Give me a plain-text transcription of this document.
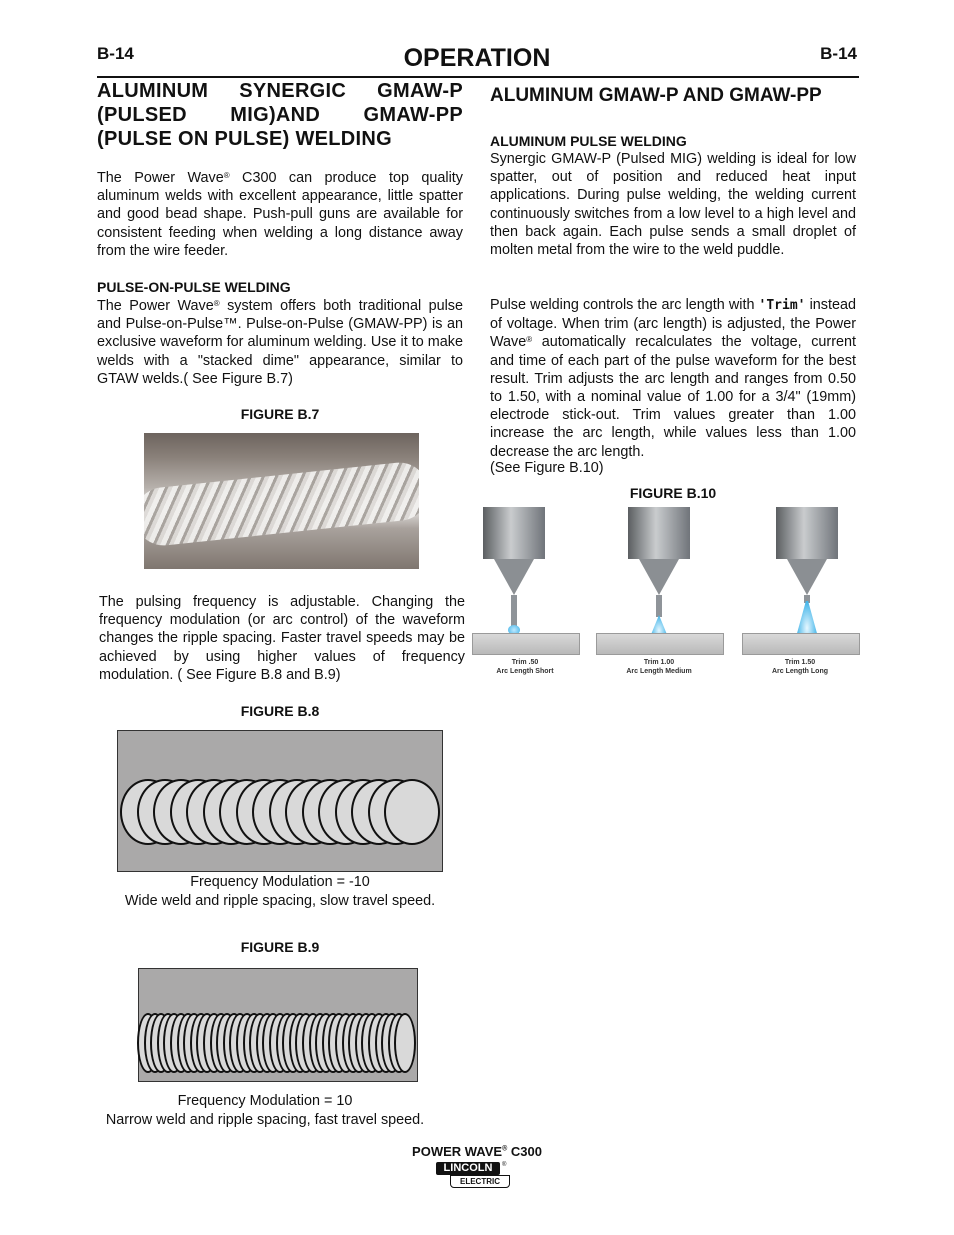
B-14	OPERATION	B-14
ALUMINUM SYNERGIC GMAW-P (PULSED MIG)AND GMAW-PP (PULSE ON PULSE) WELDING
The Power Wave® C300 can produce top quality aluminum welds with excellent appearance, little spatter and good bead shape. Push-pull guns are available for consistent feeding when welding a long distance away from the wire feeder.
PULSE-ON-PULSE WELDING
The Power Wave® system offers both traditional pulse and Pulse-on-Pulse™. Pulse-on-Pulse (GMAW-PP) is an exclusive waveform for aluminum welding. Use it to make welds with a "stacked dime" appearance, similar to GTAW welds.( See Figure B.7)
FIGURE B.7
The pulsing frequency is adjustable. Changing the frequency modulation (or arc control) of the waveform changes the ripple spacing. Faster travel speeds may be achieved by using higher values of frequency modulation. ( See Figure B.8 and B.9)
FIGURE B.8
Frequency Modulation = -10
Wide weld and ripple spacing, slow travel speed.
FIGURE B.9
Frequency Modulation = 10
Narrow weld and ripple spacing, fast travel speed.
ALUMINUM GMAW-P AND GMAW-PP
ALUMINUM PULSE WELDING
Synergic GMAW-P (Pulsed MIG) welding is ideal for low spatter, out of position and reduced heat input applications. During pulse welding, the welding current continuously switches from a low level to a high level and then back again. Each pulse sends a small droplet of molten metal from the wire to the weld puddle.
Pulse welding controls the arc length with 'Trim' instead of voltage. When trim (arc length) is adjusted, the Power Wave® automatically recalculates the voltage, current and time of each part of the pulse waveform for the best result. Trim adjusts the arc length and ranges from 0.50 to 1.50, with a nominal value of 1.00 for a 3/4" (19mm) electrode stick-out. Trim values greater than 1.00 increase the arc length, while values less than 1.00 decrease the arc length.
(See Figure B.10)
FIGURE B.10
Trim .50
Arc Length Short
Trim 1.00
Arc Length Medium
Trim 1.50
Arc Length Long
POWER WAVE® C300
LINCOLN	®
ELECTRIC
